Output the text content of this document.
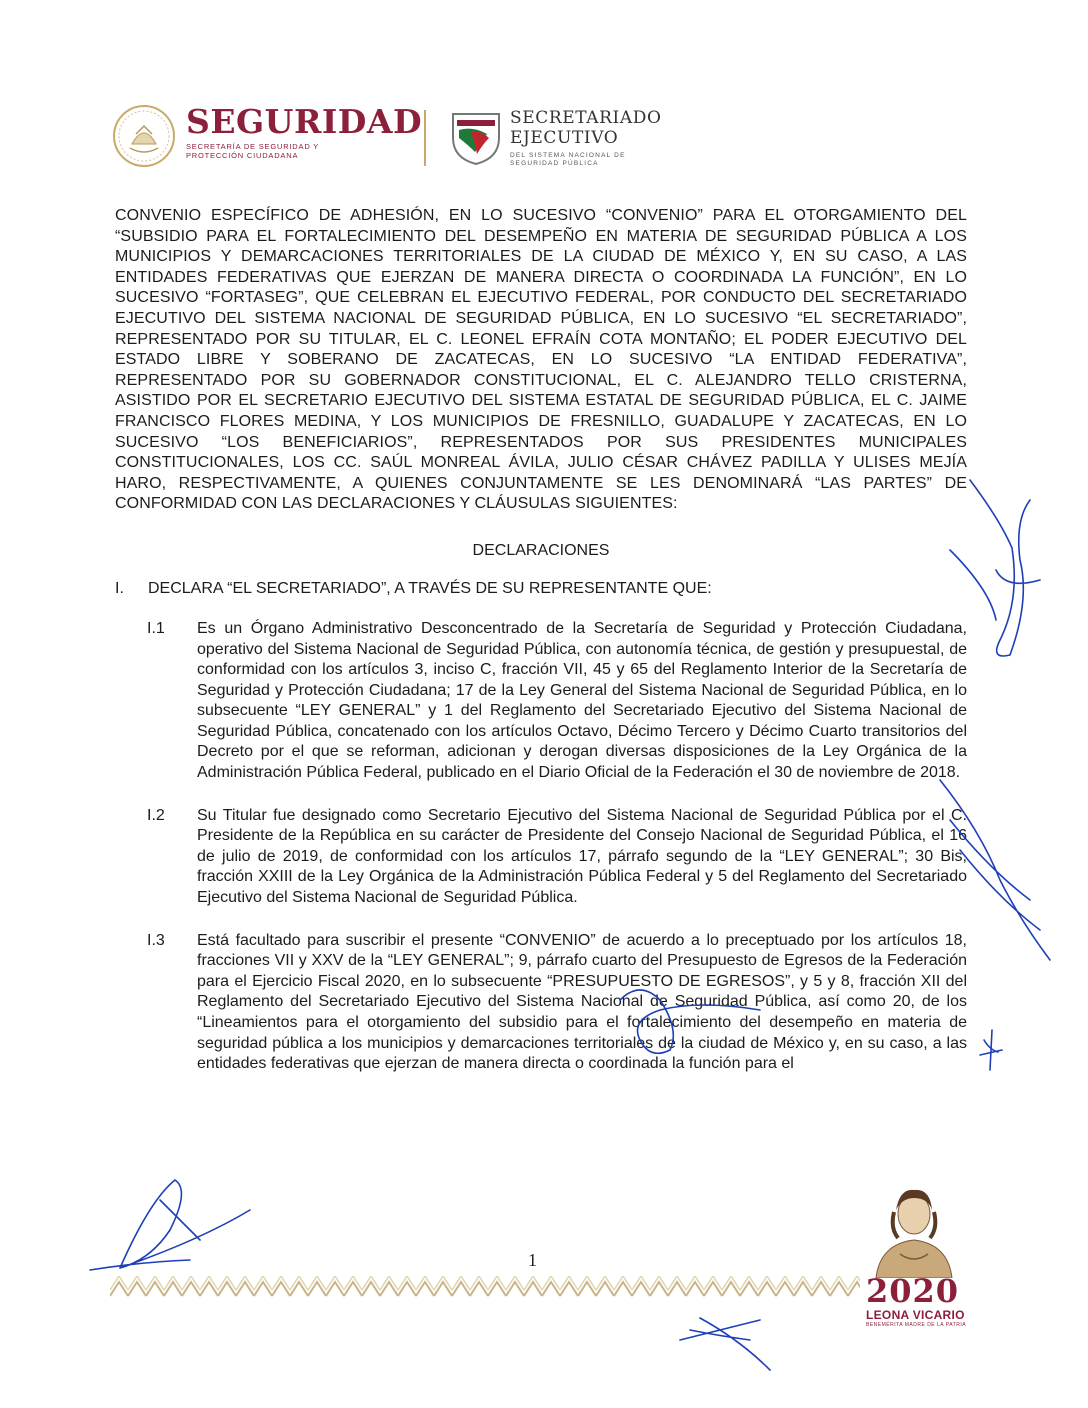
SEGURIDAD
SECRETARÍA DE SEGURIDAD Y PROTECCIÓN CIUDADANA
SECRETARIADO EJECUTIVO
DEL SISTEMA NACIONAL DE SEGURIDAD PÚBLICA

CONVENIO ESPECÍFICO DE ADHESIÓN, EN LO SUCESIVO “CONVENIO” PARA EL OTORGAMIENTO DEL “SUBSIDIO PARA EL FORTALECIMIENTO DEL DESEMPEÑO EN MATERIA DE SEGURIDAD PÚBLICA A LOS MUNICIPIOS Y DEMARCACIONES TERRITORIALES DE LA CIUDAD DE MÉXICO Y, EN SU CASO, A LAS ENTIDADES FEDERATIVAS QUE EJERZAN DE MANERA DIRECTA O COORDINADA LA FUNCIÓN”, EN LO SUCESIVO “FORTASEG”, QUE CELEBRAN EL EJECUTIVO FEDERAL, POR CONDUCTO DEL SECRETARIADO EJECUTIVO DEL SISTEMA NACIONAL DE SEGURIDAD PÚBLICA, EN LO SUCESIVO “EL SECRETARIADO”, REPRESENTADO POR SU TITULAR, EL C. LEONEL EFRAÍN COTA MONTAÑO; EL PODER EJECUTIVO DEL ESTADO LIBRE Y SOBERANO DE ZACATECAS, EN LO SUCESIVO “LA ENTIDAD FEDERATIVA”, REPRESENTADO POR SU GOBERNADOR CONSTITUCIONAL, EL C. ALEJANDRO TELLO CRISTERNA, ASISTIDO POR EL SECRETARIO EJECUTIVO DEL SISTEMA ESTATAL DE SEGURIDAD PÚBLICA, EL C. JAIME FRANCISCO FLORES MEDINA, Y LOS MUNICIPIOS DE FRESNILLO, GUADALUPE Y ZACATECAS, EN LO SUCESIVO “LOS BENEFICIARIOS”, REPRESENTADOS POR SUS PRESIDENTES MUNICIPALES CONSTITUCIONALES, LOS CC. SAÚL MONREAL ÁVILA, JULIO CÉSAR CHÁVEZ PADILLA Y ULISES MEJÍA HARO, RESPECTIVAMENTE, A QUIENES CONJUNTAMENTE SE LES DENOMINARÁ “LAS PARTES” DE CONFORMIDAD CON LAS DECLARACIONES Y CLÁUSULAS SIGUIENTES:

DECLARACIONES
I.	DECLARA “EL SECRETARIADO”, A TRAVÉS DE SU REPRESENTANTE QUE:
I.1	Es un Órgano Administrativo Desconcentrado de la Secretaría de Seguridad y Protección Ciudadana, operativo del Sistema Nacional de Seguridad Pública, con autonomía técnica, de gestión y presupuestal, de conformidad con los artículos 3, inciso C, fracción VII, 45 y 65 del Reglamento Interior de la Secretaría de Seguridad y Protección Ciudadana; 17 de la Ley General del Sistema Nacional de Seguridad Pública, en lo subsecuente “LEY GENERAL” y 1 del Reglamento del Secretariado Ejecutivo del Sistema Nacional de Seguridad Pública, concatenado con los artículos Octavo, Décimo Tercero y Décimo Cuarto transitorios del Decreto por el que se reforman, adicionan y derogan diversas disposiciones de la Ley Orgánica de la Administración Pública Federal, publicado en el Diario Oficial de la Federación el 30 de noviembre de 2018.

I.2	Su Titular fue designado como Secretario Ejecutivo del Sistema Nacional de Seguridad Pública por el C. Presidente de la República en su carácter de Presidente del Consejo Nacional de Seguridad Pública, el 16 de julio de 2019, de conformidad con los artículos 17, párrafo segundo de la “LEY GENERAL”; 30 Bis, fracción XXIII de la Ley Orgánica de la Administración Pública Federal y 5 del Reglamento del Secretariado Ejecutivo del Sistema Nacional de Seguridad Pública.

I.3	Está facultado para suscribir el presente “CONVENIO” de acuerdo a lo preceptuado por los artículos 18, fracciones VII y XXV de la “LEY GENERAL”; 9, párrafo cuarto del Presupuesto de Egresos de la Federación para el Ejercicio Fiscal 2020, en lo subsecuente “PRESUPUESTO DE EGRESOS”, y 5 y 8, fracción XII del Reglamento del Secretariado Ejecutivo del Sistema Nacional de Seguridad Pública, así como 20, de los “Lineamientos para el otorgamiento del subsidio para el fortalecimiento del desempeño en materia de seguridad pública a los municipios y demarcaciones territoriales de la ciudad de México y, en su caso, a las entidades federativas que ejerzan de manera directa o coordinada la función para el

1
2020
LEONA VICARIO
BENEMÉRITA MADRE DE LA PATRIA
